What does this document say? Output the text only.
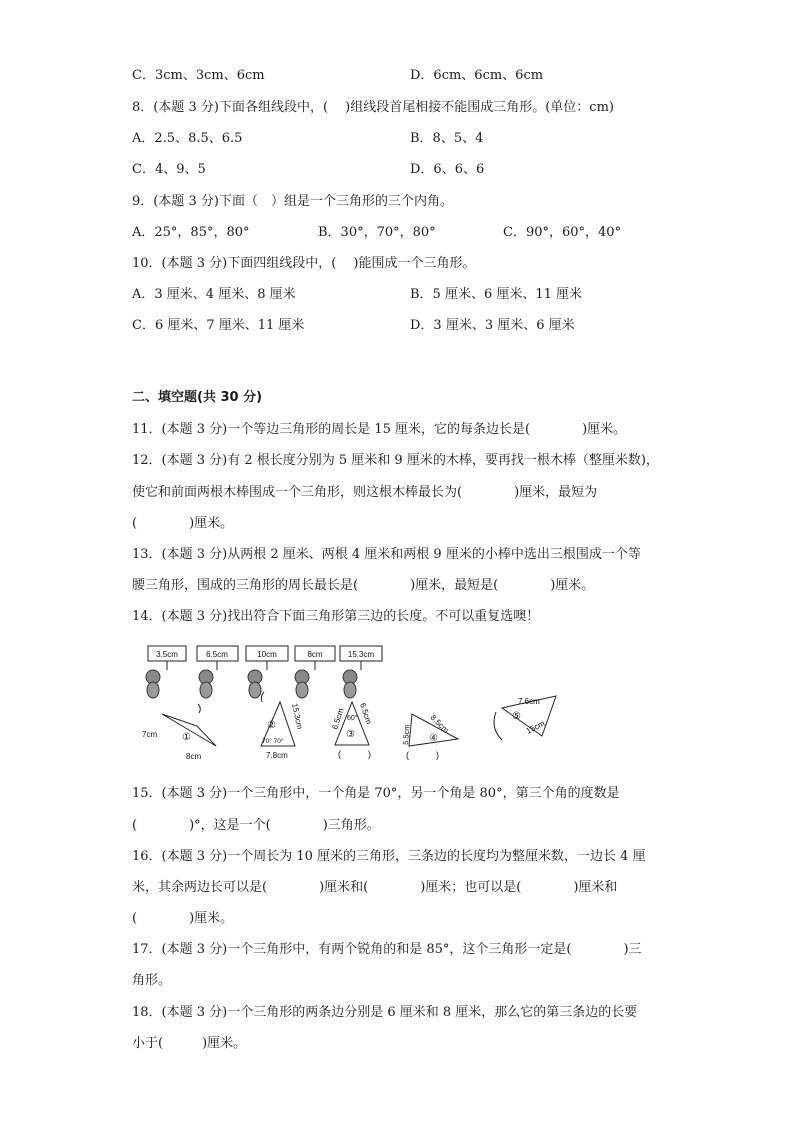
C．3cm、3cm、6cm	D．6cm、6cm、6cm
8．(本题 3 分)下面各组线段中，(　 )组线段首尾相接不能围成三角形。(单位：cm)
A．2.5、8.5、6.5	B．8、5、4
C．4、9、5	D．6、6、6
9．(本题 3 分)下面（　）组是一个三角形的三个内角。
A．25°，85°，80°	B．30°，70°，80°	C．90°，60°，40°
10．(本题 3 分)下面四组线段中，(　 )能围成一个三角形。
A．3 厘米、4 厘米、8 厘米	B．5 厘米、6 厘米、11 厘米
C．6 厘米、7 厘米、11 厘米	D．3 厘米、3 厘米、6 厘米
二、填空题(共 30 分)
11．(本题 3 分)一个等边三角形的周长是 15 厘米，它的每条边长是(　　　　)厘米。
12．(本题 3 分)有 2 根长度分别为 5 厘米和 9 厘米的木棒，要再找一根木棒（整厘米数)，
使它和前面两根木棒围成一个三角形，则这根木棒最长为(　　　　)厘米，最短为
(　　　　)厘米。
13．(本题 3 分)从两根 2 厘米、两根 4 厘米和两根 9 厘米的小棒中选出三根围成一个等
腰三角形，围成的三角形的周长最长是(　　　　)厘米，最短是(　　　　)厘米。
14．(本题 3 分)找出符合下面三角形第三边的长度。不可以重复选噢！
3.5cm	6.5cm	10cm	8cm	15.3cm
7cm
8cm
①
② 15.3cm
70° 70°
7.8cm
60°
③
6.5cm 6.5cm
(　　　)
④
5.5cm 8.5cm
(　　　)
7.6cm
⑤
15cm
15．(本题 3 分)一个三角形中，一个角是 70°，另一个角是 80°，第三个角的度数是
(　　　　)°，这是一个(　　　　)三角形。
16．(本题 3 分)一个周长为 10 厘米的三角形，三条边的长度均为整厘米数，一边长 4 厘
米，其余两边长可以是(　　　　)厘米和(　　　　)厘米；也可以是(　　　　)厘米和
(　　　　)厘米。
17．(本题 3 分)一个三角形中，有两个锐角的和是 85°，这个三角形一定是(　　　　)三
角形。
18．(本题 3 分)一个三角形的两条边分别是 6 厘米和 8 厘米，那么它的第三条边的长要
小于(　　　)厘米。
